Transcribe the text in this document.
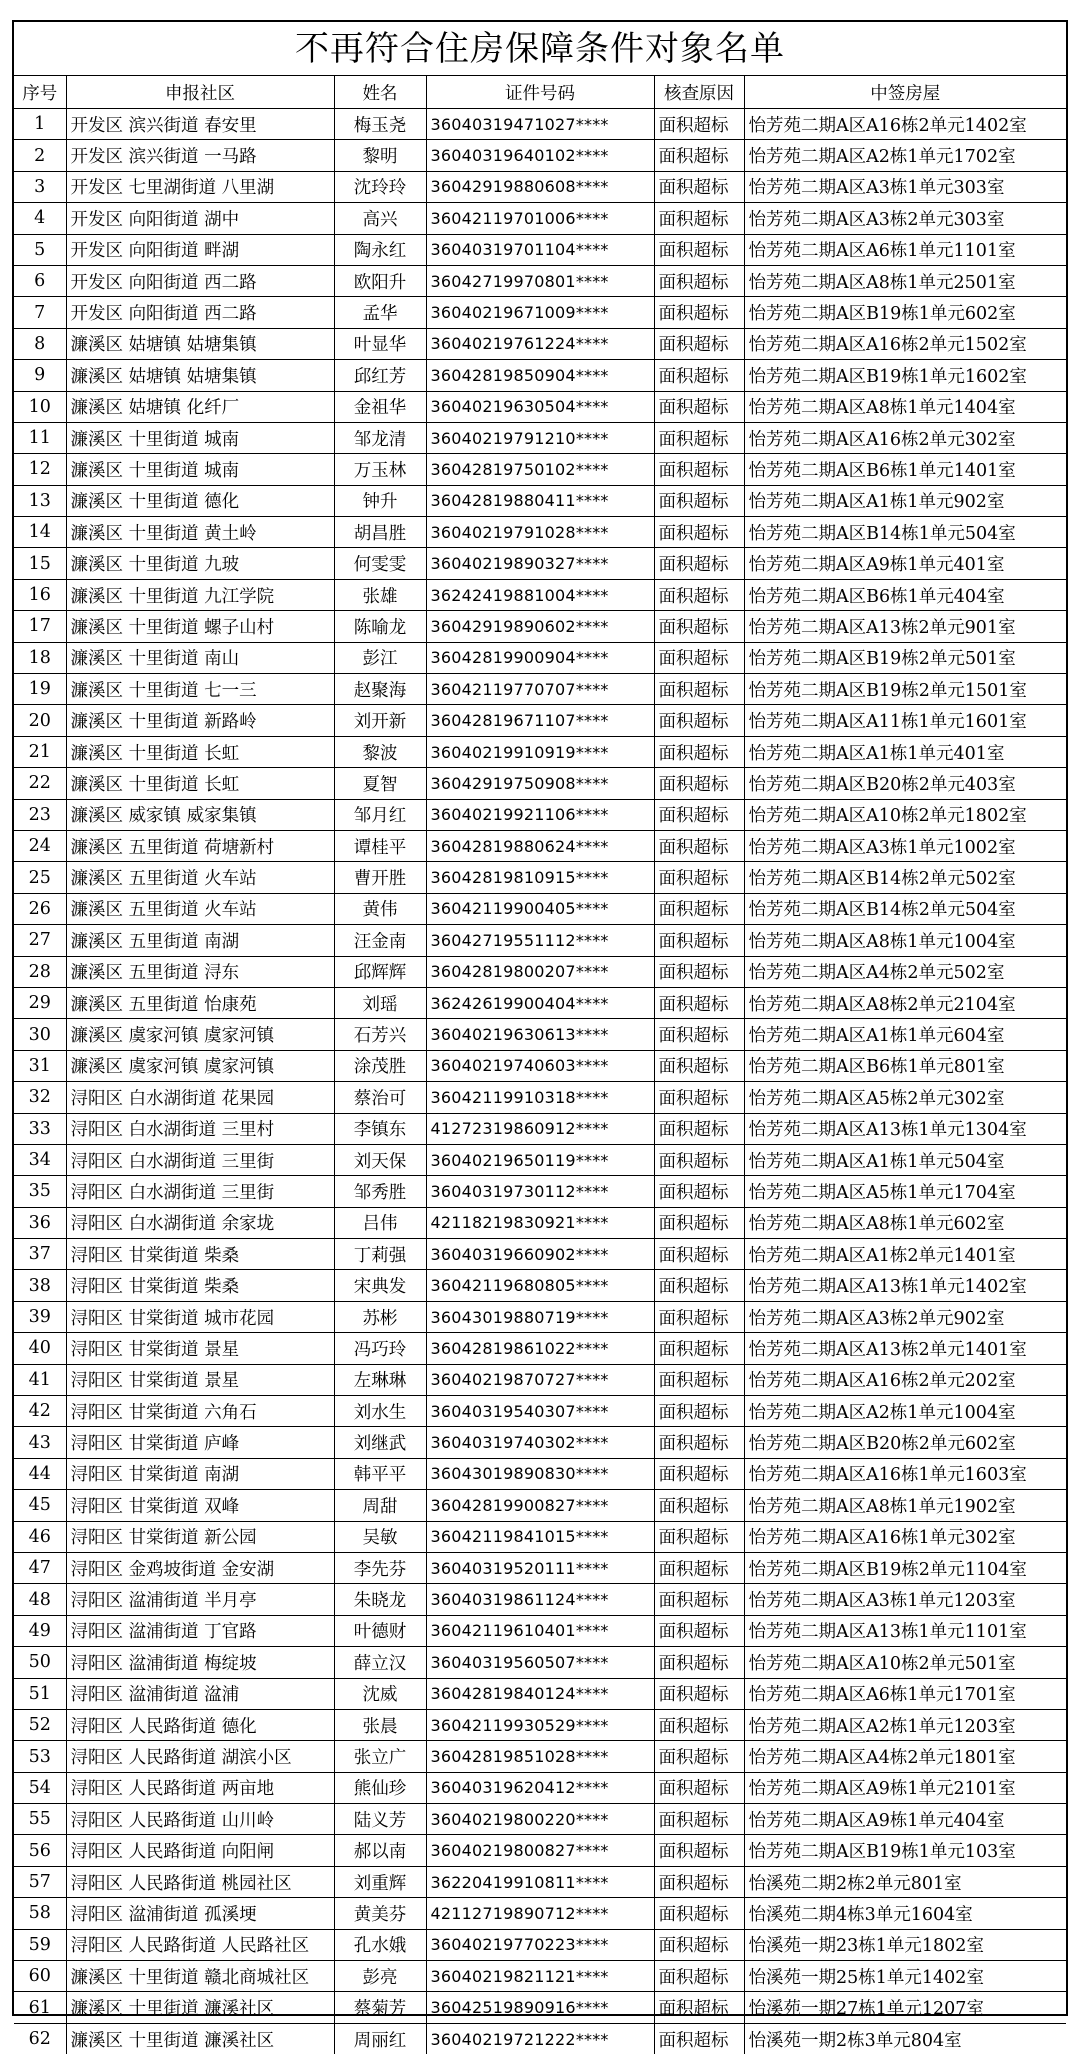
不再符合住房保障条件对象名单
序号	申报社区	姓名	证件号码	核查原因	中签房屋
1	开发区 滨兴街道 春安里	梅玉尧	36040319471027****	面积超标	怡芳苑二期A区A16栋2单元1402室
2	开发区 滨兴街道 一马路	黎明	36040319640102****	面积超标	怡芳苑二期A区A2栋1单元1702室
3	开发区 七里湖街道 八里湖	沈玲玲	36042919880608****	面积超标	怡芳苑二期A区A3栋1单元303室
4	开发区 向阳街道 湖中	高兴	36042119701006****	面积超标	怡芳苑二期A区A3栋2单元303室
5	开发区 向阳街道 畔湖	陶永红	36040319701104****	面积超标	怡芳苑二期A区A6栋1单元1101室
6	开发区 向阳街道 西二路	欧阳升	36042719970801****	面积超标	怡芳苑二期A区A8栋1单元2501室
7	开发区 向阳街道 西二路	孟华	36040219671009****	面积超标	怡芳苑二期A区B19栋1单元602室
8	濂溪区 姑塘镇 姑塘集镇	叶显华	36040219761224****	面积超标	怡芳苑二期A区A16栋2单元1502室
9	濂溪区 姑塘镇 姑塘集镇	邱红芳	36042819850904****	面积超标	怡芳苑二期A区B19栋1单元1602室
10	濂溪区 姑塘镇 化纤厂	金祖华	36040219630504****	面积超标	怡芳苑二期A区A8栋1单元1404室
11	濂溪区 十里街道 城南	邹龙清	36040219791210****	面积超标	怡芳苑二期A区A16栋2单元302室
12	濂溪区 十里街道 城南	万玉林	36042819750102****	面积超标	怡芳苑二期A区B6栋1单元1401室
13	濂溪区 十里街道 德化	钟升	36042819880411****	面积超标	怡芳苑二期A区A1栋1单元902室
14	濂溪区 十里街道 黄土岭	胡昌胜	36040219791028****	面积超标	怡芳苑二期A区B14栋1单元504室
15	濂溪区 十里街道 九玻	何雯雯	36040219890327****	面积超标	怡芳苑二期A区A9栋1单元401室
16	濂溪区 十里街道 九江学院	张雄	36242419881004****	面积超标	怡芳苑二期A区B6栋1单元404室
17	濂溪区 十里街道 螺子山村	陈喻龙	36042919890602****	面积超标	怡芳苑二期A区A13栋2单元901室
18	濂溪区 十里街道 南山	彭江	36042819900904****	面积超标	怡芳苑二期A区B19栋2单元501室
19	濂溪区 十里街道 七一三	赵聚海	36042119770707****	面积超标	怡芳苑二期A区B19栋2单元1501室
20	濂溪区 十里街道 新路岭	刘开新	36042819671107****	面积超标	怡芳苑二期A区A11栋1单元1601室
21	濂溪区 十里街道 长虹	黎波	36040219910919****	面积超标	怡芳苑二期A区A1栋1单元401室
22	濂溪区 十里街道 长虹	夏智	36042919750908****	面积超标	怡芳苑二期A区B20栋2单元403室
23	濂溪区 威家镇 威家集镇	邹月红	36040219921106****	面积超标	怡芳苑二期A区A10栋2单元1802室
24	濂溪区 五里街道 荷塘新村	谭桂平	36042819880624****	面积超标	怡芳苑二期A区A3栋1单元1002室
25	濂溪区 五里街道 火车站	曹开胜	36042819810915****	面积超标	怡芳苑二期A区B14栋2单元502室
26	濂溪区 五里街道 火车站	黄伟	36042119900405****	面积超标	怡芳苑二期A区B14栋2单元504室
27	濂溪区 五里街道 南湖	汪金南	36042719551112****	面积超标	怡芳苑二期A区A8栋1单元1004室
28	濂溪区 五里街道 浔东	邱辉辉	36042819800207****	面积超标	怡芳苑二期A区A4栋2单元502室
29	濂溪区 五里街道 怡康苑	刘瑶	36242619900404****	面积超标	怡芳苑二期A区A8栋2单元2104室
30	濂溪区 虞家河镇 虞家河镇	石芳兴	36040219630613****	面积超标	怡芳苑二期A区A1栋1单元604室
31	濂溪区 虞家河镇 虞家河镇	涂茂胜	36040219740603****	面积超标	怡芳苑二期A区B6栋1单元801室
32	浔阳区 白水湖街道 花果园	蔡治可	36042119910318****	面积超标	怡芳苑二期A区A5栋2单元302室
33	浔阳区 白水湖街道 三里村	李镇东	41272319860912****	面积超标	怡芳苑二期A区A13栋1单元1304室
34	浔阳区 白水湖街道 三里街	刘天保	36040219650119****	面积超标	怡芳苑二期A区A1栋1单元504室
35	浔阳区 白水湖街道 三里街	邹秀胜	36040319730112****	面积超标	怡芳苑二期A区A5栋1单元1704室
36	浔阳区 白水湖街道 余家垅	吕伟	42118219830921****	面积超标	怡芳苑二期A区A8栋1单元602室
37	浔阳区 甘棠街道 柴桑	丁莉强	36040319660902****	面积超标	怡芳苑二期A区A1栋2单元1401室
38	浔阳区 甘棠街道 柴桑	宋典发	36042119680805****	面积超标	怡芳苑二期A区A13栋1单元1402室
39	浔阳区 甘棠街道 城市花园	苏彬	36043019880719****	面积超标	怡芳苑二期A区A3栋2单元902室
40	浔阳区 甘棠街道 景星	冯巧玲	36042819861022****	面积超标	怡芳苑二期A区A13栋2单元1401室
41	浔阳区 甘棠街道 景星	左琳琳	36040219870727****	面积超标	怡芳苑二期A区A16栋2单元202室
42	浔阳区 甘棠街道 六角石	刘水生	36040319540307****	面积超标	怡芳苑二期A区A2栋1单元1004室
43	浔阳区 甘棠街道 庐峰	刘继武	36040319740302****	面积超标	怡芳苑二期A区B20栋2单元602室
44	浔阳区 甘棠街道 南湖	韩平平	36043019890830****	面积超标	怡芳苑二期A区A16栋1单元1603室
45	浔阳区 甘棠街道 双峰	周甜	36042819900827****	面积超标	怡芳苑二期A区A8栋1单元1902室
46	浔阳区 甘棠街道 新公园	吴敏	36042119841015****	面积超标	怡芳苑二期A区A16栋1单元302室
47	浔阳区 金鸡坡街道 金安湖	李先芬	36040319520111****	面积超标	怡芳苑二期A区B19栋2单元1104室
48	浔阳区 湓浦街道 半月亭	朱晓龙	36040319861124****	面积超标	怡芳苑二期A区A3栋1单元1203室
49	浔阳区 湓浦街道 丁官路	叶德财	36042119610401****	面积超标	怡芳苑二期A区A13栋1单元1101室
50	浔阳区 湓浦街道 梅绽坡	薛立汉	36040319560507****	面积超标	怡芳苑二期A区A10栋2单元501室
51	浔阳区 湓浦街道 湓浦	沈威	36042819840124****	面积超标	怡芳苑二期A区A6栋1单元1701室
52	浔阳区 人民路街道 德化	张晨	36042119930529****	面积超标	怡芳苑二期A区A2栋1单元1203室
53	浔阳区 人民路街道 湖滨小区	张立广	36042819851028****	面积超标	怡芳苑二期A区A4栋2单元1801室
54	浔阳区 人民路街道 两亩地	熊仙珍	36040319620412****	面积超标	怡芳苑二期A区A9栋1单元2101室
55	浔阳区 人民路街道 山川岭	陆义芳	36040219800220****	面积超标	怡芳苑二期A区A9栋1单元404室
56	浔阳区 人民路街道 向阳闸	郝以南	36040219800827****	面积超标	怡芳苑二期A区B19栋1单元103室
57	浔阳区 人民路街道 桃园社区	刘重辉	36220419910811****	面积超标	怡溪苑二期2栋2单元801室
58	浔阳区 湓浦街道 孤溪埂	黄美芬	42112719890712****	面积超标	怡溪苑二期4栋3单元1604室
59	浔阳区 人民路街道 人民路社区	孔水娥	36040219770223****	面积超标	怡溪苑一期23栋1单元1802室
60	濂溪区 十里街道 赣北商城社区	彭亮	36040219821121****	面积超标	怡溪苑一期25栋1单元1402室
61	濂溪区 十里街道 濂溪社区	蔡菊芳	36042519890916****	面积超标	怡溪苑一期27栋1单元1207室
62	濂溪区 十里街道 濂溪社区	周丽红	36040219721222****	面积超标	怡溪苑一期2栋3单元804室
